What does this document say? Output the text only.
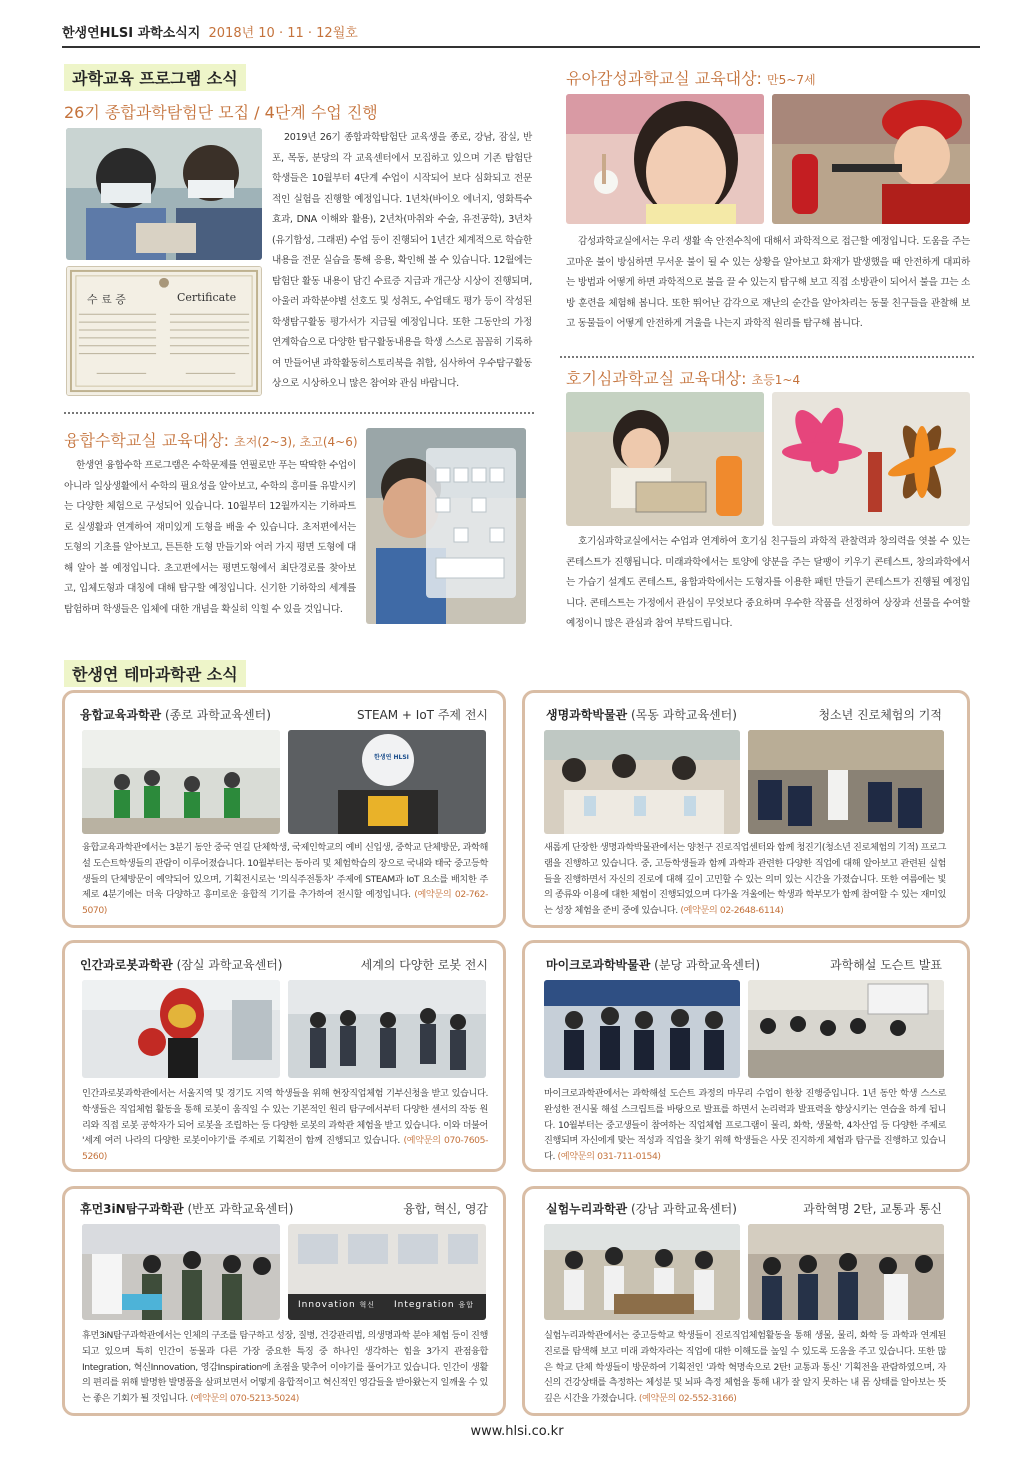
한생연HLSI 과학소식지 2018년 10 · 11 · 12월호
과학교육 프로그램 소식
26기 종합과학탐험단 모집 / 4단계 수업 진행
수 료 증	Certificate
2019년 26기 종합과학탐험단 교육생을 종로, 강남, 잠실, 반포, 목동, 분당의 각 교육센터에서 모집하고 있으며 기존 탐험단 학생들은 10월부터 4단계 수업이 시작되어 보다 심화되고 전문적인 실험을 진행할 예정입니다. 1년차(바이오 에너지, 영화특수효과, DNA 이해와 활용), 2년차(마취와 수술, 유전공학), 3년차(유기합성, 그래핀) 수업 등이 진행되어 1년간 체계적으로 학습한 내용을 전문 실습을 통해 응용, 확인해 볼 수 있습니다. 12월에는 탐험단 활동 내용이 담긴 수료증 지급과 개근상 시상이 진행되며, 아울러 과학분야별 선호도 및 성취도, 수업태도 평가 등이 작성된 학생탐구활동 평가서가 지급될 예정입니다. 또한 그동안의 가정연계학습으로 다양한 탐구활동내용을 학생 스스로 꼼꼼히 기록하여 만들어낸 과학활동히스토리북을 취합, 심사하여 우수탐구활동상으로 시상하오니 많은 참여와 관심 바랍니다.
융합수학교실 교육대상: 초저(2~3), 초고(4~6)
한생연 융합수학 프로그램은 수학문제를 연필로만 푸는 딱딱한 수업이 아니라 일상생활에서 수학의 필요성을 알아보고, 수학의 흥미를 유발시키는 다양한 체험으로 구성되어 있습니다. 10월부터 12월까지는 기하파트로 실생활과 연계하여 재미있게 도형을 배울 수 있습니다. 초저편에서는 도형의 기초를 알아보고, 튼튼한 도형 만들기와 여러 가지 평면 도형에 대해 알아 볼 예정입니다. 초고편에서는 평면도형에서 최단경로를 찾아보고, 입체도형과 대칭에 대해 탐구할 예정입니다. 신기한 기하학의 세계를 탐험하며 학생들은 입체에 대한 개념을 확실히 익힐 수 있을 것입니다.
유아감성과학교실 교육대상: 만5~7세
감성과학교실에서는 우리 생활 속 안전수칙에 대해서 과학적으로 접근할 예정입니다. 도움을 주는 고마운 불이 방심하면 무서운 불이 될 수 있는 상황을 알아보고 화재가 발생했을 때 안전하게 대피하는 방법과 어떻게 하면 과학적으로 불을 끌 수 있는지 탐구해 보고 직접 소방관이 되어서 불을 끄는 소방 훈련을 체험해 봅니다. 또한 뛰어난 감각으로 재난의 순간을 알아차리는 동물 친구들을 관찰해 보고 동물들이 어떻게 안전하게 겨울을 나는지 과학적 원리를 탐구해 봅니다.
호기심과학교실 교육대상: 초등1~4
호기심과학교실에서는 수업과 연계하여 호기심 친구들의 과학적 관찰력과 창의력을 엿볼 수 있는 콘테스트가 진행됩니다. 미래과학에서는 토양에 양분을 주는 달팽이 키우기 콘테스트, 창의과학에서는 가습기 설계도 콘테스트, 융합과학에서는 도형자를 이용한 패턴 만들기 콘테스트가 진행될 예정입니다. 콘테스트는 가정에서 관심이 무엇보다 중요하며 우수한 작품을 선정하여 상장과 선물을 수여할 예정이니 많은 관심과 참여 부탁드립니다.
한생연 테마과학관 소식
융합교육과학관 (종로 과학교육센터)	STEAM + IoT 주제 전시
한생연 HLSI
융합교육과학관에서는 3분기 동안 중국 연길 단체학생, 국제인학교의 예비 신입생, 중학교 단체방문, 과학해설 도슨트학생들의 관람이 이루어졌습니다. 10월부터는 동아리 및 체험학습의 장으로 국내와 태국 중고등학생들의 단체방문이 예약되어 있으며, 기획전시로는 '의식주전통차' 주제에 STEAM과 IoT 요소를 배치한 주제로 4분기에는 더욱 다양하고 흥미로운 융합적 기기를 추가하여 전시할 예정입니다. (예약문의 02-762-5070)
생명과학박물관 (목동 과학교육센터)	청소년 진로체험의 기적
새롭게 단장한 생명과학박물관에서는 양천구 진로직업센터와 함께 청진기(청소년 진로체험의 기적) 프로그램을 진행하고 있습니다. 중, 고등학생들과 함께 과학과 관련한 다양한 직업에 대해 알아보고 관련된 실험들을 진행하면서 자신의 진로에 대해 깊이 고민할 수 있는 의미 있는 시간을 가졌습니다. 또한 여름에는 빛의 종류와 이용에 대한 체험이 진행되었으며 다가올 겨울에는 학생과 학부모가 함께 참여할 수 있는 재미있는 성장 체험을 준비 중에 있습니다. (예약문의 02-2648-6114)
인간과로봇과학관 (잠실 과학교육센터)	세계의 다양한 로봇 전시
인간과로봇과학관에서는 서울지역 및 경기도 지역 학생들을 위해 현장직업체험 기부신청을 받고 있습니다. 학생들은 직업체험 활동을 통해 로봇이 움직일 수 있는 기본적인 원리 탐구에서부터 다양한 센서의 작동 원리와 직접 로봇 공학자가 되어 로봇을 조립하는 등 다양한 로봇의 과학관 체험을 받고 있습니다. 이와 더불어 '세계 여러 나라의 다양한 로봇이야기'를 주제로 기획전이 함께 진행되고 있습니다. (예약문의 070-7605-5260)
마이크로과학박물관 (분당 과학교육센터)	과학해설 도슨트 발표
마이크로과학관에서는 과학해설 도슨트 과정의 마무리 수업이 한창 진행중입니다. 1년 동안 학생 스스로 완성한 전시물 해설 스크립트를 바탕으로 발표를 하면서 논리력과 발표력을 향상시키는 연습을 하게 됩니다. 10월부터는 중고생들이 참여하는 직업체험 프로그램이 물리, 화학, 생물학, 4차산업 등 다양한 주제로 진행되며 자신에게 맞는 적성과 직업을 찾기 위해 학생들은 사뭇 진지하게 체험과 탐구를 진행하고 있습니다. (예약문의 031-711-0154)
휴먼3iN탐구과학관 (반포 과학교육센터)	융합, 혁신, 영감
Innovation 혁신 Integration 융합
휴먼3iN탐구과학관에서는 인체의 구조를 탐구하고 성장, 질병, 건강관리법, 의생명과학 분야 체험 등이 진행되고 있으며 특히 인간이 동물과 다른 가장 중요한 특징 중 하나인 생각하는 힘을 3가지 관점융합Integration, 혁신Innovation, 영감Inspiration에 초점을 맞추어 이야기를 풀어가고 있습니다. 인간이 생활의 편리를 위해 발명한 발명품을 살펴보면서 어떻게 융합적이고 혁신적인 영감들을 받아왔는지 일깨울 수 있는 좋은 기회가 될 것입니다. (예약문의 070-5213-5024)
실험누리과학관 (강남 과학교육센터)	과학혁명 2탄, 교통과 통신
실험누리과학관에서는 중고등학교 학생들이 진로직업체험활동을 통해 생물, 물리, 화학 등 과학과 연계된 진로를 탐색해 보고 미래 과학자라는 직업에 대한 이해도를 높일 수 있도록 도움을 주고 있습니다. 또한 많은 학교 단체 학생들이 방문하여 기획전인 '과학 혁명속으로 2탄! 교통과 통신' 기획전을 관람하였으며, 자신의 건강상태를 측정하는 체성분 및 뇌파 측정 체험을 통해 내가 잘 알지 못하는 내 몸 상태를 알아보는 뜻 깊은 시간을 가졌습니다. (예약문의 02-552-3166)
www.hlsi.co.kr
